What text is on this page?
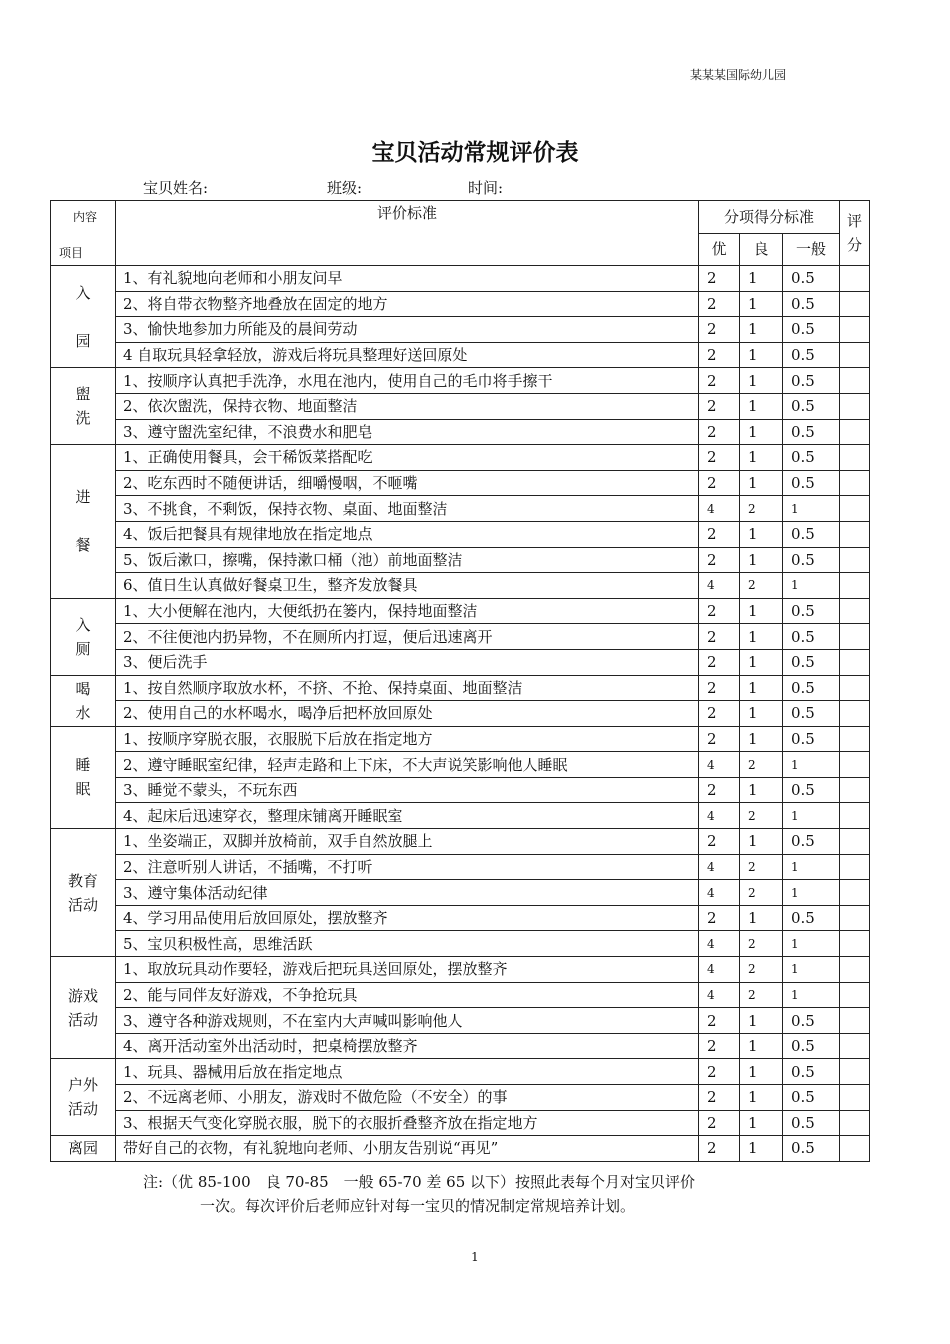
某某某国际幼儿园
宝贝活动常规评价表
宝贝姓名:	班级:	时间:
内容
项目	评价标准	分项得分标准			评
分
		优	良	一般	
入

园	1、有礼貌地向老师和小朋友问早	2	1	0.5	
	2、将自带衣物整齐地叠放在固定的地方	2	1	0.5	
	3、愉快地参加力所能及的晨间劳动	2	1	0.5	
	4 自取玩具轻拿轻放，游戏后将玩具整理好送回原处	2	1	0.5	
盥
洗	1、按顺序认真把手洗净，水甩在池内，使用自己的毛巾将手擦干	2	1	0.5	
	2、依次盥洗，保持衣物、地面整洁	2	1	0.5	
	3、遵守盥洗室纪律，不浪费水和肥皂	2	1	0.5	
进

餐	1、正确使用餐具，会干稀饭菜搭配吃	2	1	0.5	
	2、吃东西时不随便讲话，细嚼慢咽，不咂嘴	2	1	0.5	
	3、不挑食，不剩饭，保持衣物、桌面、地面整洁	4	2	1	
	4、饭后把餐具有规律地放在指定地点	2	1	0.5	
	5、饭后漱口，擦嘴，保持漱口桶（池）前地面整洁	2	1	0.5	
	6、值日生认真做好餐桌卫生，整齐发放餐具	4	2	1	
入
厕	1、大小便解在池内，大便纸扔在篓内，保持地面整洁	2	1	0.5	
	2、不往便池内扔异物，不在厕所内打逗，便后迅速离开	2	1	0.5	
	3、便后洗手	2	1	0.5	
喝
水	1、按自然顺序取放水杯，不挤、不抢、保持桌面、地面整洁	2	1	0.5	
	2、使用自己的水杯喝水，喝净后把杯放回原处	2	1	0.5	
睡
眠	1、按顺序穿脱衣服，衣服脱下后放在指定地方	2	1	0.5	
	2、遵守睡眠室纪律，轻声走路和上下床，不大声说笑影响他人睡眠	4	2	1	
	3、睡觉不蒙头，不玩东西	2	1	0.5	
	4、起床后迅速穿衣，整理床铺离开睡眠室	4	2	1	
教育
活动	1、坐姿端正，双脚并放椅前，双手自然放腿上	2	1	0.5	
	2、注意听别人讲话，不插嘴，不打听	4	2	1	
	3、遵守集体活动纪律	4	2	1	
	4、学习用品使用后放回原处，摆放整齐	2	1	0.5	
	5、宝贝积极性高，思维活跃	4	2	1	
游戏
活动	1、取放玩具动作要轻，游戏后把玩具送回原处，摆放整齐	4	2	1	
	2、能与同伴友好游戏，不争抢玩具	4	2	1	
	3、遵守各种游戏规则，不在室内大声喊叫影响他人	2	1	0.5	
	4、离开活动室外出活动时，把桌椅摆放整齐	2	1	0.5	
户外
活动	1、玩具、器械用后放在指定地点	2	1	0.5	
	2、不远离老师、小朋友，游戏时不做危险（不安全）的事	2	1	0.5	
	3、根据天气变化穿脱衣服，脱下的衣服折叠整齐放在指定地方	2	1	0.5	
离园	带好自己的衣物，有礼貌地向老师、小朋友告别说“再见”	2	1	0.5	
注:（优 85-100　良 70-85　一般 65-70 差 65 以下）按照此表每个月对宝贝评价
一次。每次评价后老师应针对每一宝贝的情况制定常规培养计划。
1
